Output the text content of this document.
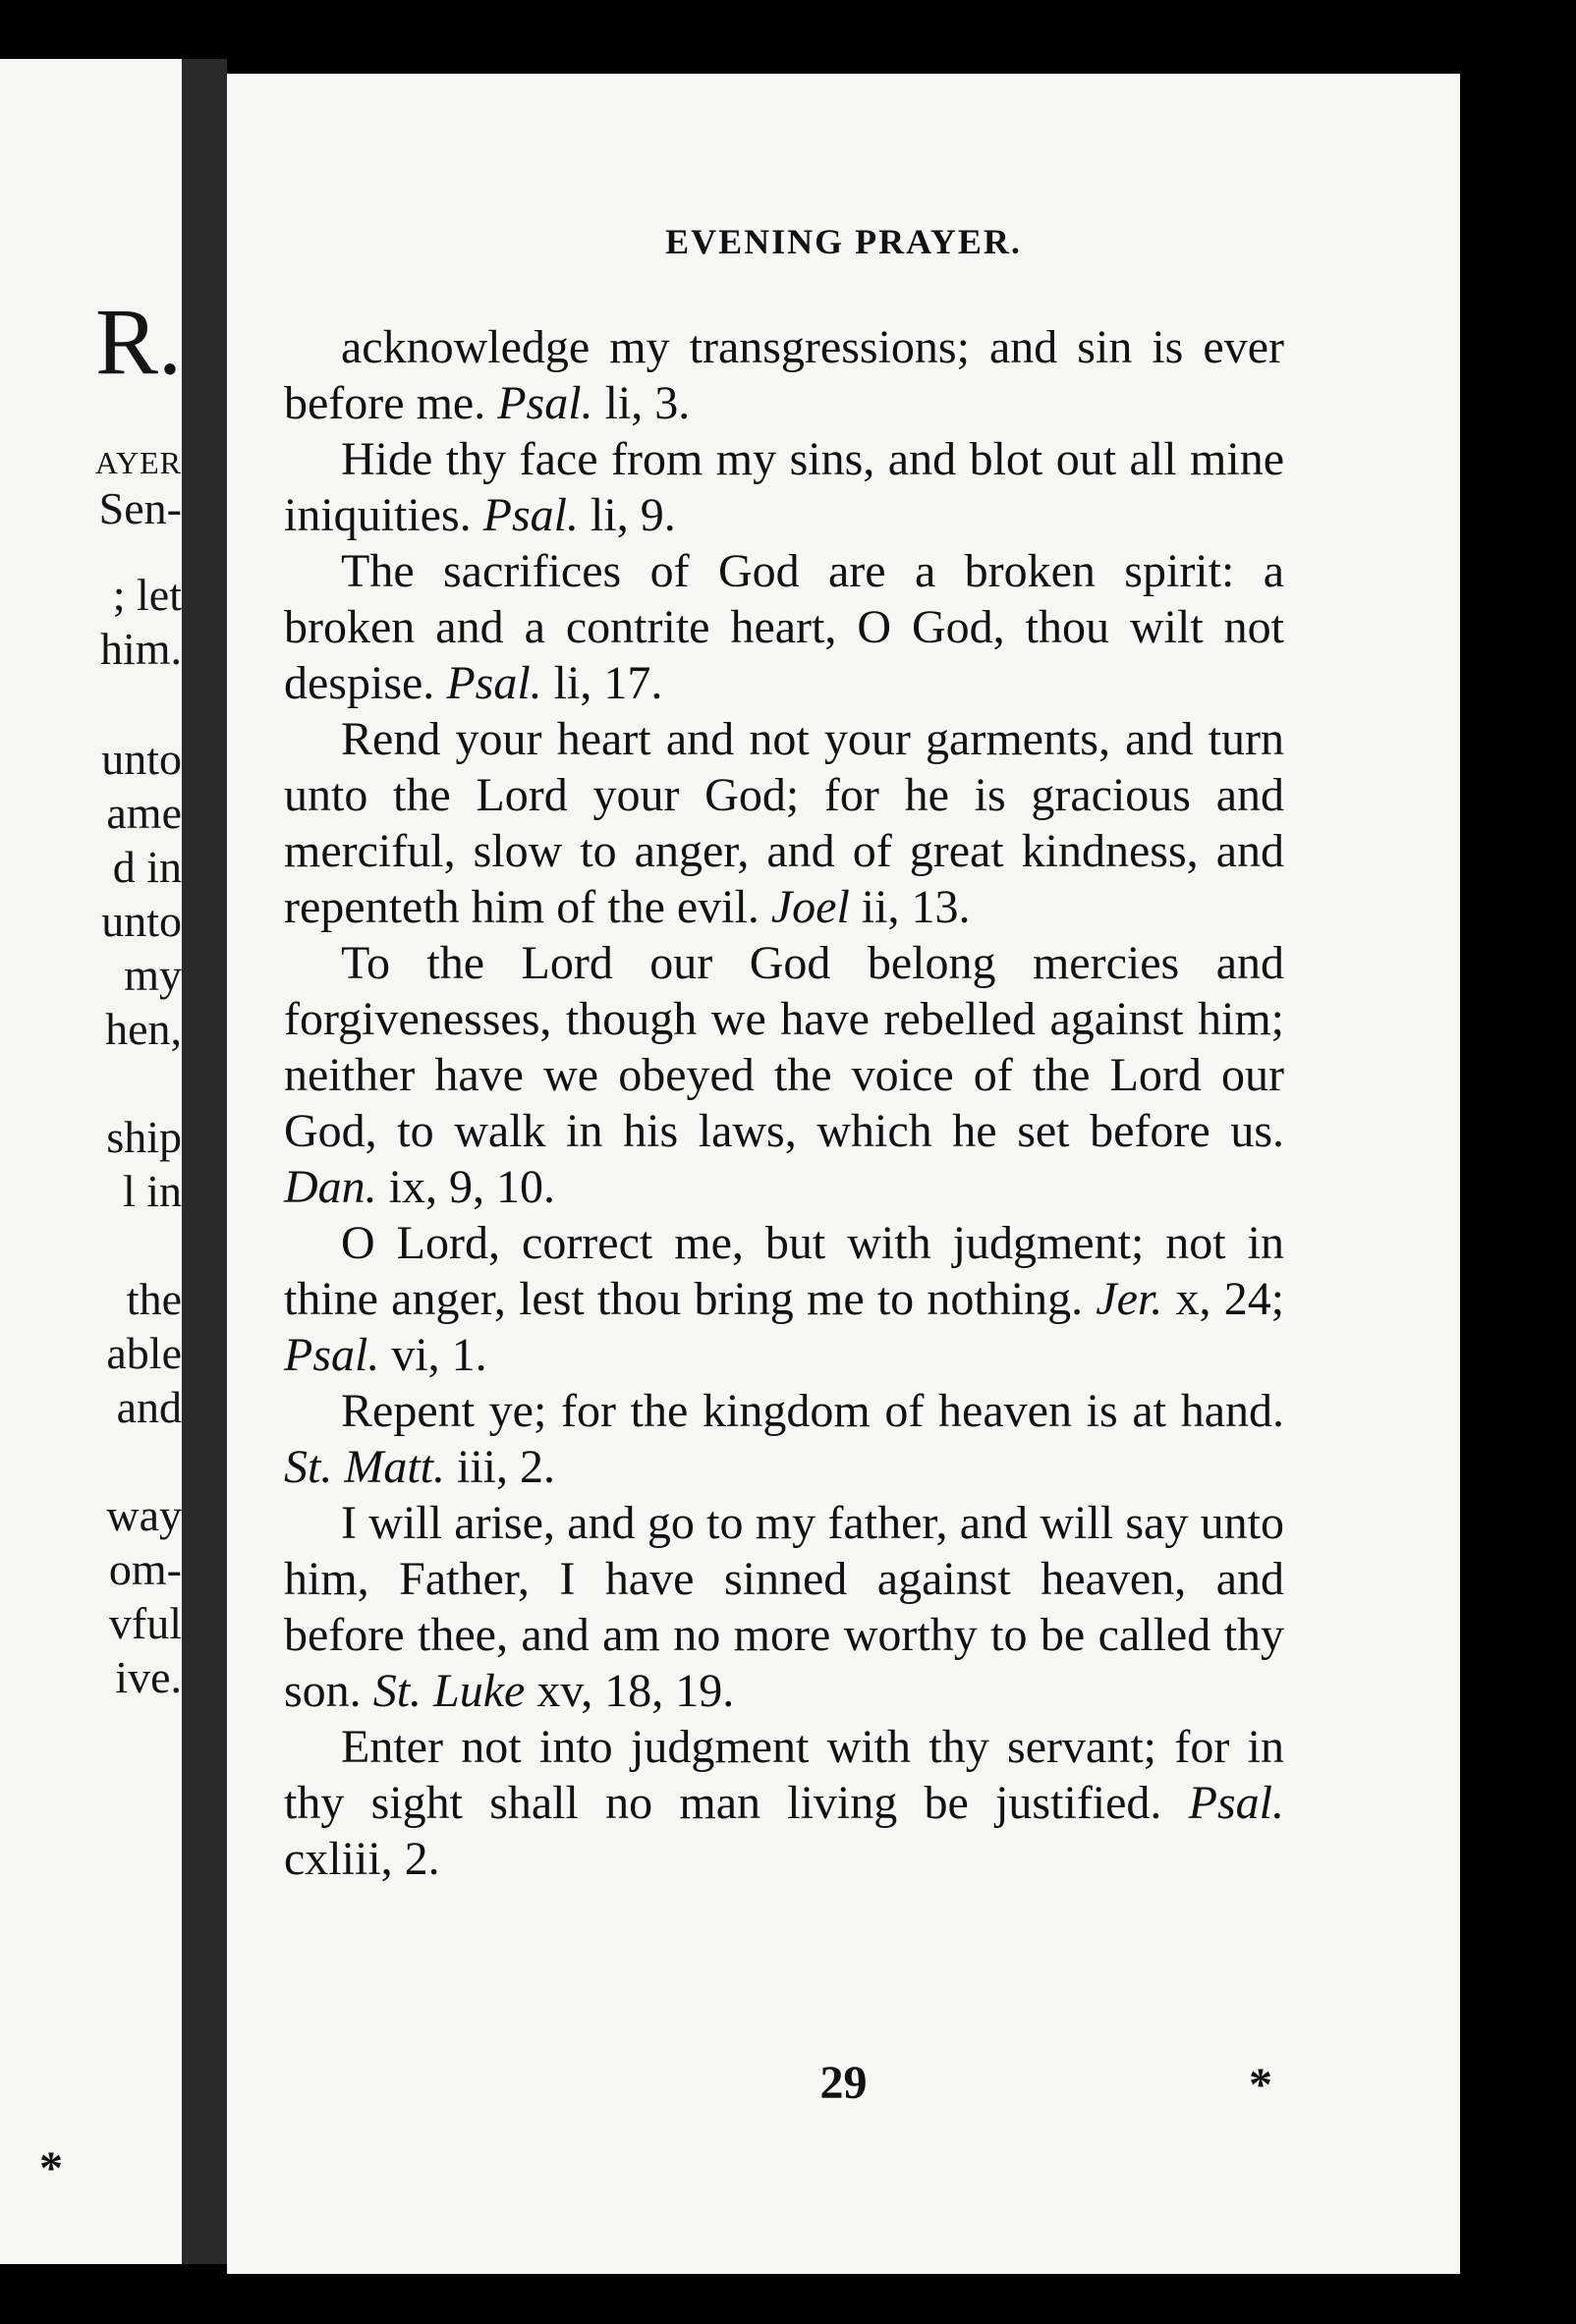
R.
AYER
Sen-
; let
him.
unto
ame
d in
unto
my
hen,
ship
l in
the
able
and
way
om-
vful
ive.
*
EVENING PRAYER.

acknowledge my transgressions; and sin is ever before me. Psal. li, 3.

Hide thy face from my sins, and blot out all mine iniquities. Psal. li, 9.

The sacrifices of God are a broken spirit: a broken and a contrite heart, O God, thou wilt not despise. Psal. li, 17.

Rend your heart and not your garments, and turn unto the Lord your God; for he is gracious and merciful, slow to anger, and of great kindness, and repenteth him of the evil. Joel ii, 13.

To the Lord our God belong mercies and forgivenesses, though we have rebelled against him; neither have we obeyed the voice of the Lord our God, to walk in his laws, which he set before us. Dan. ix, 9, 10.

O Lord, correct me, but with judgment; not in thine anger, lest thou bring me to nothing. Jer. x, 24; Psal. vi, 1.

Repent ye; for the kingdom of heaven is at hand. St. Matt. iii, 2.

I will arise, and go to my father, and will say unto him, Father, I have sinned against heaven, and before thee, and am no more worthy to be called thy son. St. Luke xv, 18, 19.

Enter not into judgment with thy servant; for in thy sight shall no man living be justified. Psal. cxliii, 2.

29	*
